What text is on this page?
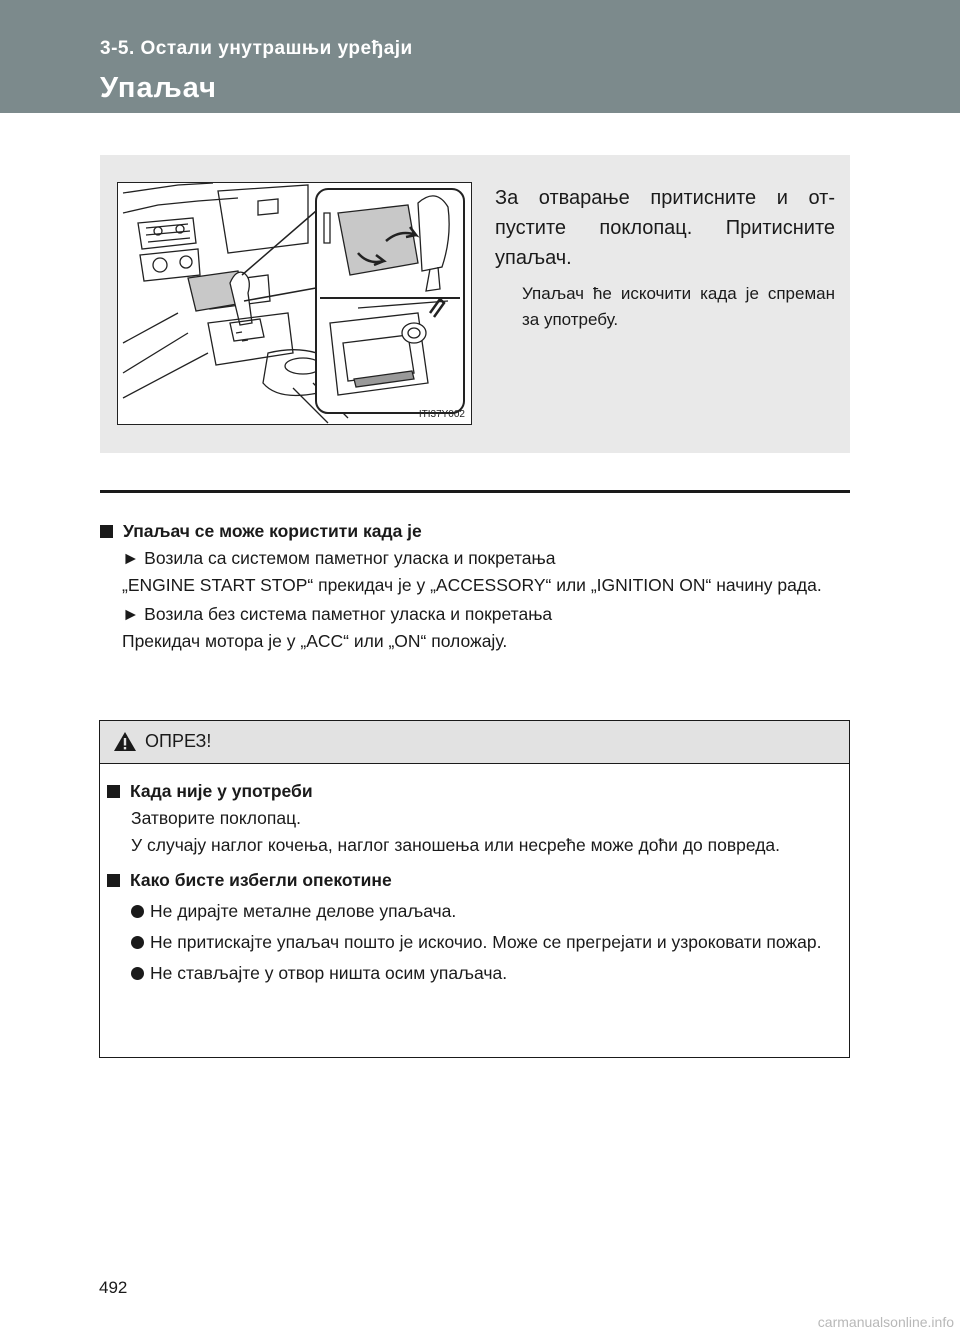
3-5. Остали унутрашњи уређаји
Упаљач
ITI37Y002
За отварање притисните и от-пустите поклопац. Притисните упаљач.
Упаљач ће искочити када је спреман за употребу.
Упаљач се може користити када је
► Возила са системом паметног уласка и покретања
„ENGINE START STOP“ прекидач је у „ACCESSORY“ или „IGNITION ON“ начину рада.
► Возила без система паметног уласка и покретања
Прекидач мотора је у „ACC“ или „ON“ положају.
ОПРЕЗ!
Када није у употреби
Затворите поклопац.
У случају наглог кочења, наглог заношења или несреће може доћи до повреда.
Како бисте избегли опекотине
Не дирајте металне делове упаљача.
Не притискајте упаљач пошто је искочио. Може се прегрејати и узроковати пожар.
Не стављајте у отвор ништа осим упаљача.
492
carmanualsonline.info
